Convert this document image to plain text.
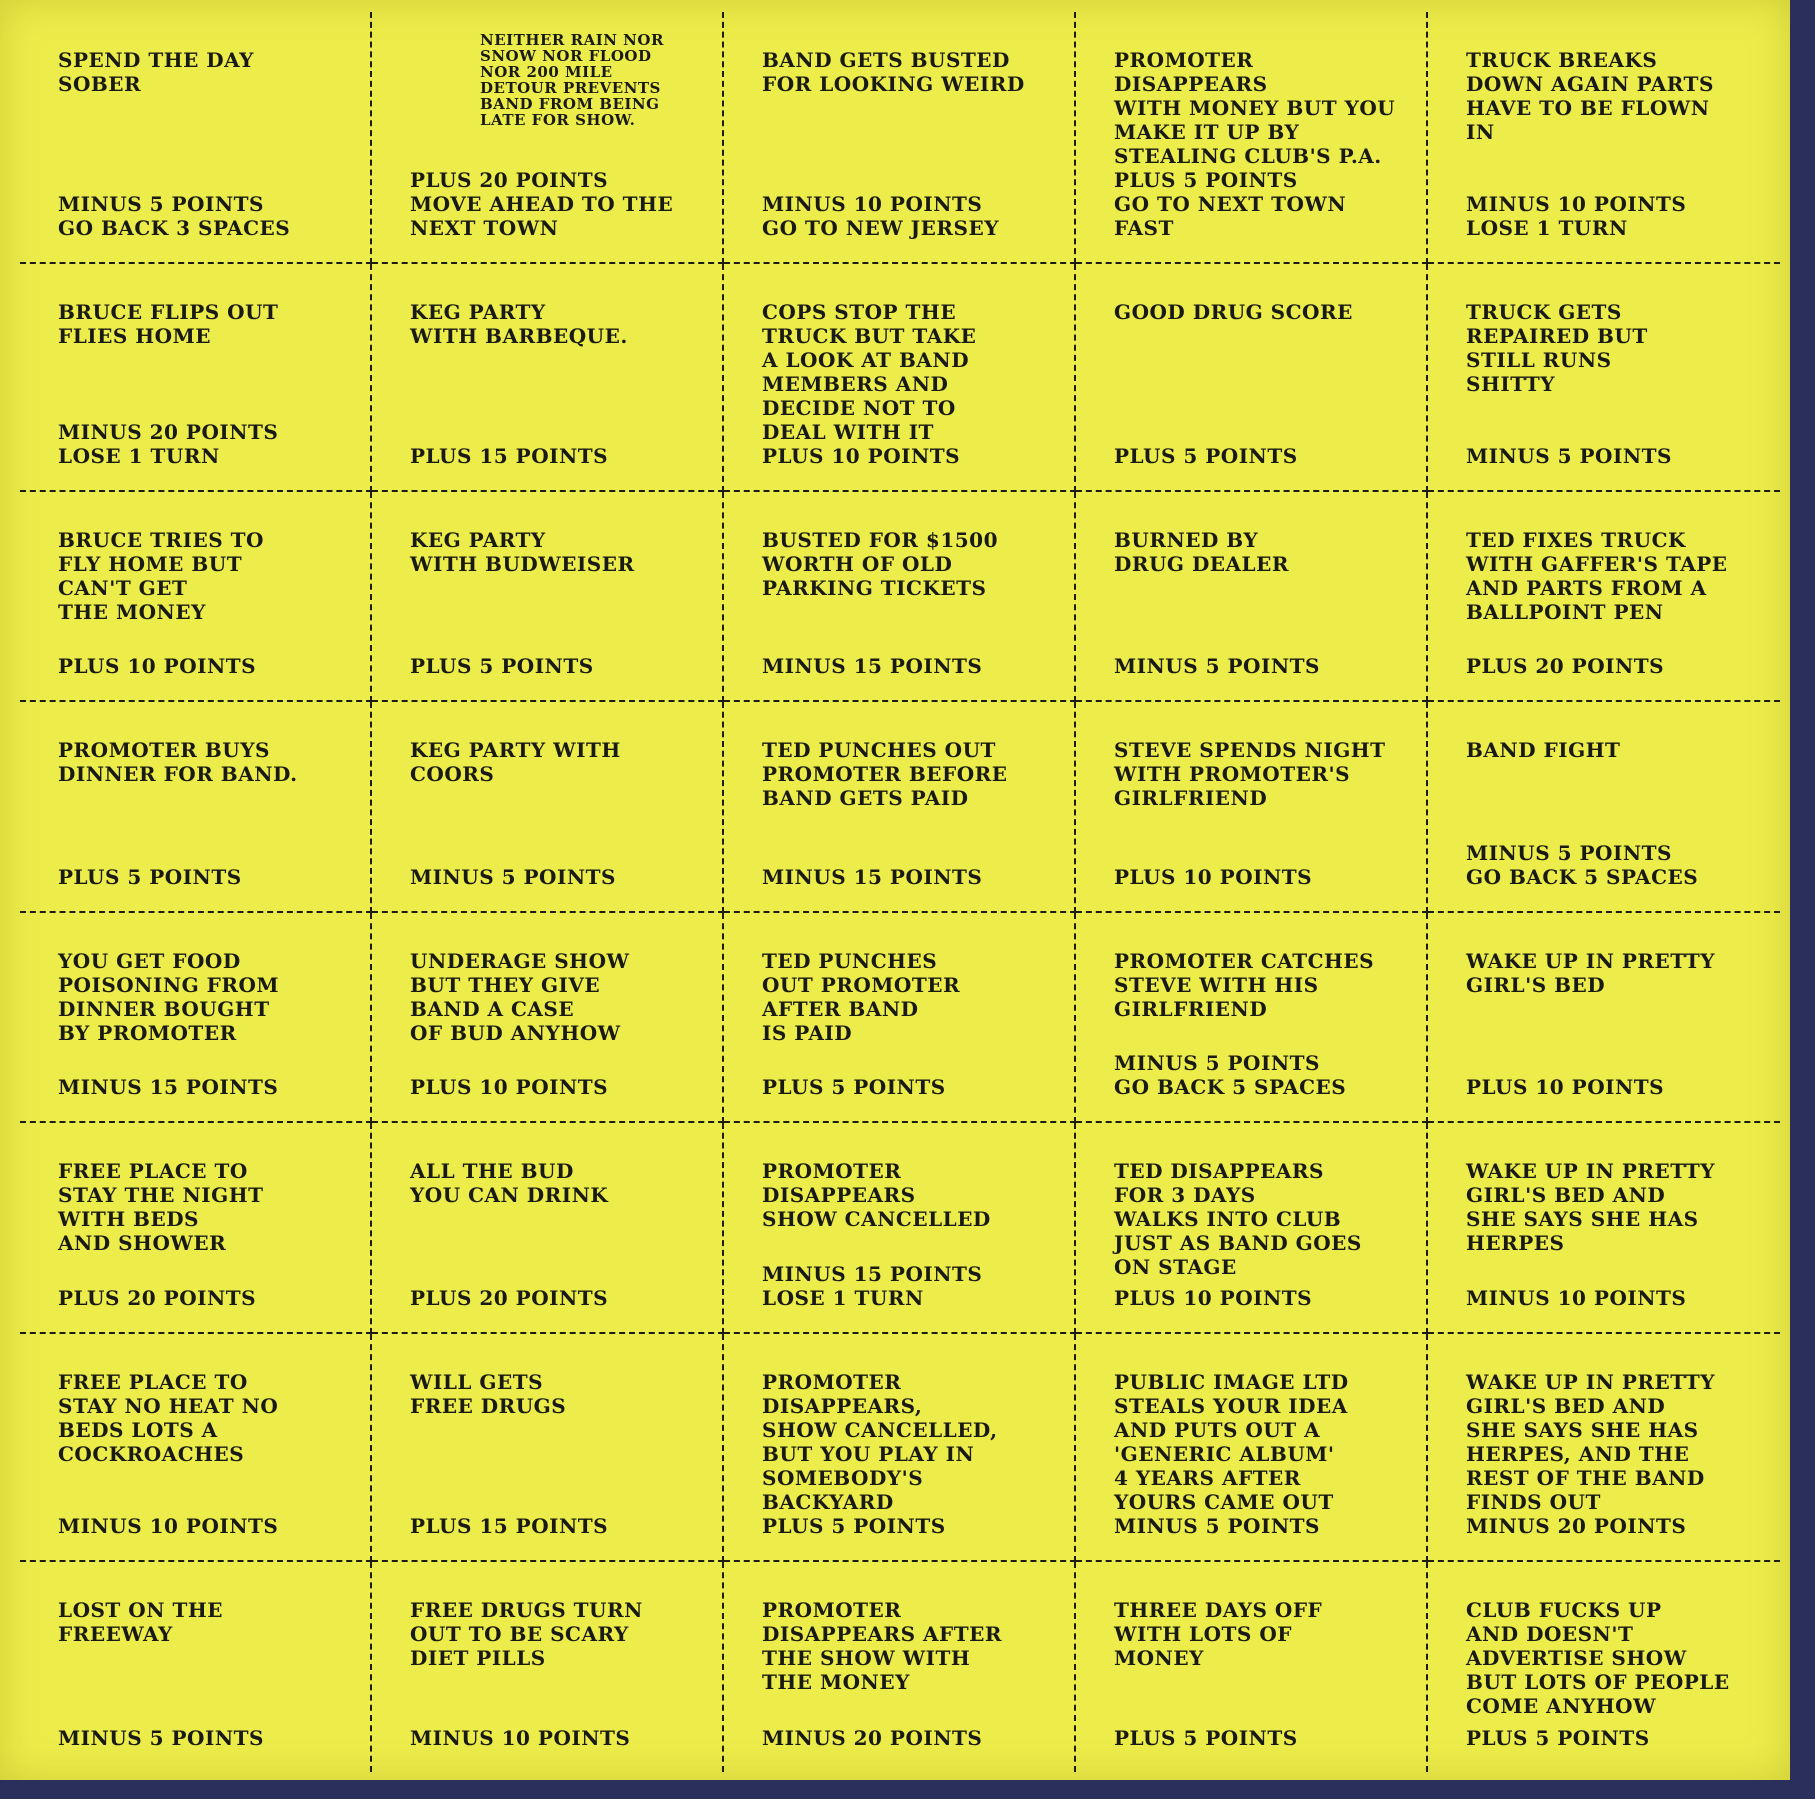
SPEND THE DAY
SOBER
MINUS 5 POINTS
GO BACK 3 SPACES
NEITHER RAIN NOR
SNOW NOR FLOOD
NOR 200 MILE
DETOUR PREVENTS
BAND FROM BEING
LATE FOR SHOW.
PLUS 20 POINTS
MOVE AHEAD TO THE
NEXT TOWN
BAND GETS BUSTED
FOR LOOKING WEIRD
MINUS 10 POINTS
GO TO NEW JERSEY
PROMOTER DISAPPEARS
WITH MONEY BUT YOU
MAKE IT UP BY
STEALING CLUB'S P.A.
PLUS 5 POINTS
GO TO NEXT TOWN FAST
TRUCK BREAKS
DOWN AGAIN PARTS
HAVE TO BE FLOWN
IN
MINUS 10 POINTS
LOSE 1 TURN
BRUCE FLIPS OUT
FLIES HOME
MINUS 20 POINTS
LOSE 1 TURN
KEG PARTY
WITH BARBEQUE.
PLUS 15 POINTS
COPS STOP THE
TRUCK BUT TAKE
A LOOK AT BAND
MEMBERS AND
DECIDE NOT TO
DEAL WITH IT
PLUS 10 POINTS
GOOD DRUG SCORE
PLUS 5 POINTS
TRUCK GETS
REPAIRED BUT
STILL RUNS
SHITTY
MINUS 5 POINTS
BRUCE TRIES TO
FLY HOME BUT
CAN'T GET
THE MONEY
PLUS 10 POINTS
KEG PARTY
WITH BUDWEISER
PLUS 5 POINTS
BUSTED FOR $1500
WORTH OF OLD
PARKING TICKETS
MINUS 15 POINTS
BURNED BY
DRUG DEALER
MINUS 5 POINTS
TED FIXES TRUCK
WITH GAFFER'S TAPE
AND PARTS FROM A
BALLPOINT PEN
PLUS 20 POINTS
PROMOTER BUYS
DINNER FOR BAND.
PLUS 5 POINTS
KEG PARTY WITH
COORS
MINUS 5 POINTS
TED PUNCHES OUT
PROMOTER BEFORE
BAND GETS PAID
MINUS 15 POINTS
STEVE SPENDS NIGHT
WITH PROMOTER'S
GIRLFRIEND
PLUS 10 POINTS
BAND FIGHT
MINUS 5 POINTS
GO BACK 5 SPACES
YOU GET FOOD
POISONING FROM
DINNER BOUGHT
BY PROMOTER
MINUS 15 POINTS
UNDERAGE SHOW
BUT THEY GIVE
BAND A CASE
OF BUD ANYHOW
PLUS 10 POINTS
TED PUNCHES
OUT PROMOTER
AFTER BAND
IS PAID
PLUS 5 POINTS
PROMOTER CATCHES
STEVE WITH HIS
GIRLFRIEND
MINUS 5 POINTS
GO BACK 5 SPACES
WAKE UP IN PRETTY
GIRL'S BED
PLUS 10 POINTS
FREE PLACE TO
STAY THE NIGHT
WITH BEDS
AND SHOWER
PLUS 20 POINTS
ALL THE BUD
YOU CAN DRINK
PLUS 20 POINTS
PROMOTER DISAPPEARS
SHOW CANCELLED
MINUS 15 POINTS
LOSE 1 TURN
TED DISAPPEARS
FOR 3 DAYS
WALKS INTO CLUB
JUST AS BAND GOES
ON STAGE
PLUS 10 POINTS
WAKE UP IN PRETTY
GIRL'S BED AND
SHE SAYS SHE HAS
HERPES
MINUS 10 POINTS
FREE PLACE TO
STAY NO HEAT NO
BEDS LOTS A
COCKROACHES
MINUS 10 POINTS
WILL GETS
FREE DRUGS
PLUS 15 POINTS
PROMOTER DISAPPEARS,
SHOW CANCELLED,
BUT YOU PLAY IN
SOMEBODY'S
BACKYARD
PLUS 5 POINTS
PUBLIC IMAGE LTD
STEALS YOUR IDEA
AND PUTS OUT A
'GENERIC ALBUM'
4 YEARS AFTER
YOURS CAME OUT
MINUS 5 POINTS
WAKE UP IN PRETTY
GIRL'S BED AND
SHE SAYS SHE HAS
HERPES, AND THE
REST OF THE BAND
FINDS OUT
MINUS 20 POINTS
LOST ON THE
FREEWAY
MINUS 5 POINTS
FREE DRUGS TURN
OUT TO BE SCARY
DIET PILLS
MINUS 10 POINTS
PROMOTER
DISAPPEARS AFTER
THE SHOW WITH
THE MONEY
MINUS 20 POINTS
THREE DAYS OFF
WITH LOTS OF
MONEY
PLUS 5 POINTS
CLUB FUCKS UP
AND DOESN'T
ADVERTISE SHOW
BUT LOTS OF PEOPLE
COME ANYHOW
PLUS 5 POINTS
